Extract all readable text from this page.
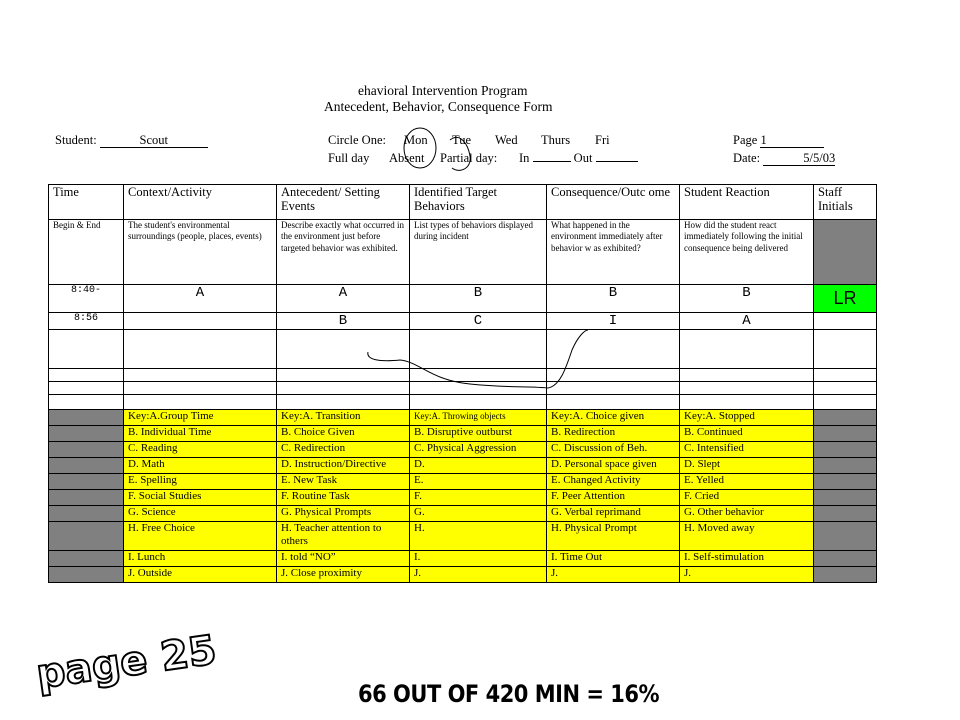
ehavioral Intervention Program
Antecedent, Behavior, Consequence Form
Student:	Scout	Circle One: Mon Tue Wed Thurs Fri	Page 1
Full day Absent Partial day: In	Out	Date:	5/5/03
Time	Context/Activity	Antecedent/ Setting Events	Identified Target Behaviors	Consequence/Outc ome	Student Reaction	Staff Initials
Begin & End	The student's environmental surroundings (people, places, events)	Describe exactly what occurred in the environment just before targeted behavior was exhibited.	List types of behaviors displayed during incident	What happened in the environment immediately after behavior w as exhibited?	How did the student react immediately following the initial consequence being delivered	
8:40-	A	A	B	B	B	LR
8:56		B	C	I	A	

	Key:A.Group Time	Key:A. Transition	Key:A. Throwing objects	Key:A. Choice given	Key:A. Stopped	
	B. Individual Time	B. Choice Given	B. Disruptive outburst	B. Redirection	B. Continued	
	C. Reading	C. Redirection	C. Physical Aggression	C. Discussion of Beh.	C. Intensified	
	D. Math	D. Instruction/Directive	D.	D. Personal space given	D. Slept	
	E. Spelling	E. New Task	E.	E. Changed Activity	E. Yelled	
	F. Social Studies	F. Routine Task	F.	F. Peer Attention	F. Cried	
	G. Science	G. Physical Prompts	G.	G. Verbal reprimand	G. Other behavior	
	H. Free Choice	H. Teacher attention to others	H.	H. Physical Prompt	H. Moved away	
	I. Lunch	I. told “NO”	I.	I. Time Out	I. Self-stimulation	
	J. Outside	J. Close proximity	J.	J.	J.	
page 25	66 OUT OF 420 MIN = 16%
